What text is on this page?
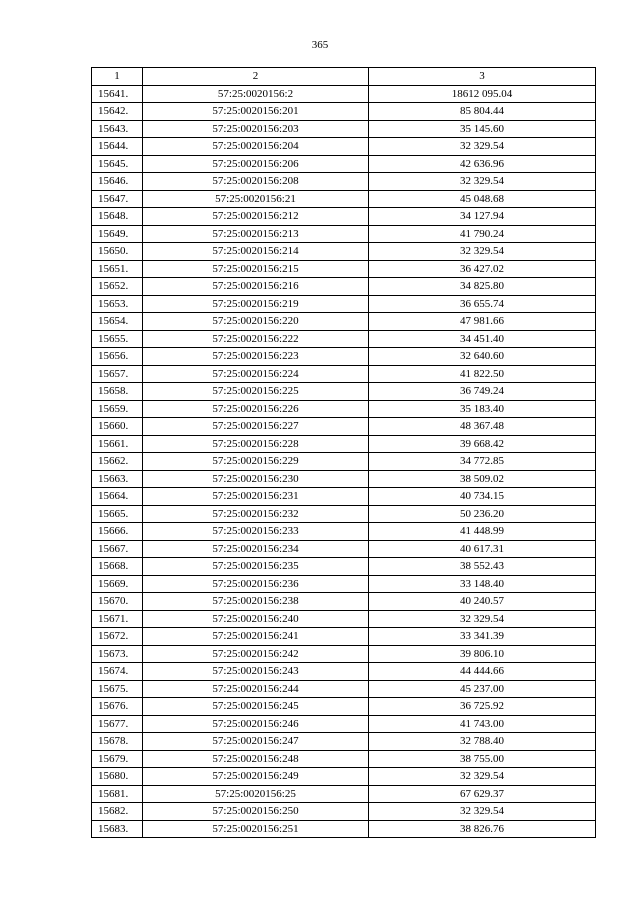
365
1	2	3
15641.	57:25:0020156:2	18612 095.04
15642.	57:25:0020156:201	85 804.44
15643.	57:25:0020156:203	35 145.60
15644.	57:25:0020156:204	32 329.54
15645.	57:25:0020156:206	42 636.96
15646.	57:25:0020156:208	32 329.54
15647.	57:25:0020156:21	45 048.68
15648.	57:25:0020156:212	34 127.94
15649.	57:25:0020156:213	41 790.24
15650.	57:25:0020156:214	32 329.54
15651.	57:25:0020156:215	36 427.02
15652.	57:25:0020156:216	34 825.80
15653.	57:25:0020156:219	36 655.74
15654.	57:25:0020156:220	47 981.66
15655.	57:25:0020156:222	34 451.40
15656.	57:25:0020156:223	32 640.60
15657.	57:25:0020156:224	41 822.50
15658.	57:25:0020156:225	36 749.24
15659.	57:25:0020156:226	35 183.40
15660.	57:25:0020156:227	48 367.48
15661.	57:25:0020156:228	39 668.42
15662.	57:25:0020156:229	34 772.85
15663.	57:25:0020156:230	38 509.02
15664.	57:25:0020156:231	40 734.15
15665.	57:25:0020156:232	50 236.20
15666.	57:25:0020156:233	41 448.99
15667.	57:25:0020156:234	40 617.31
15668.	57:25:0020156:235	38 552.43
15669.	57:25:0020156:236	33 148.40
15670.	57:25:0020156:238	40 240.57
15671.	57:25:0020156:240	32 329.54
15672.	57:25:0020156:241	33 341.39
15673.	57:25:0020156:242	39 806.10
15674.	57:25:0020156:243	44 444.66
15675.	57:25:0020156:244	45 237.00
15676.	57:25:0020156:245	36 725.92
15677.	57:25:0020156:246	41 743.00
15678.	57:25:0020156:247	32 788.40
15679.	57:25:0020156:248	38 755.00
15680.	57:25:0020156:249	32 329.54
15681.	57:25:0020156:25	67 629.37
15682.	57:25:0020156:250	32 329.54
15683.	57:25:0020156:251	38 826.76
